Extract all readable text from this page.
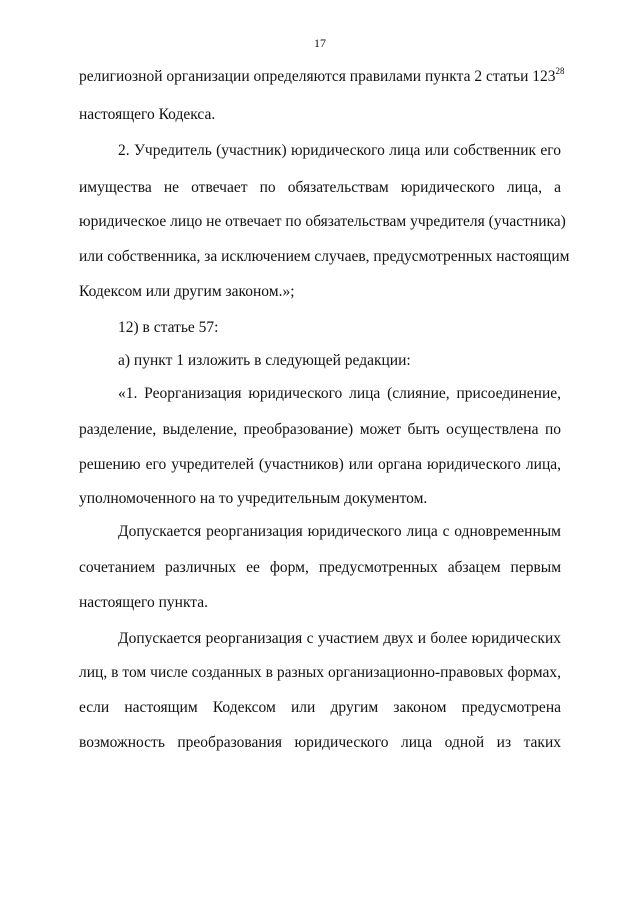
17
религиозной организации определяются правилами пункта 2 статьи $123^{28}$
настоящего Кодекса.
2. Учредитель (участник) юридического лица или собственник его
имущества не отвечает по обязательствам юридического лица, а
юридическое лицо не отвечает по обязательствам учредителя (участника)
или собственника, за исключением случаев, предусмотренных настоящим
Кодексом или другим законом.»;
12) в статье 57:
а) пункт 1 изложить в следующей редакции:
«1. Реорганизация юридического лица (слияние, присоединение,
разделение, выделение, преобразование) может быть осуществлена по
решению его учредителей (участников) или органа юридического лица,
уполномоченного на то учредительным документом.
Допускается реорганизация юридического лица с одновременным
сочетанием различных ее форм, предусмотренных абзацем первым
настоящего пункта.
Допускается реорганизация с участием двух и более юридических
лиц, в том числе созданных в разных организационно-правовых формах,
если настоящим Кодексом или другим законом предусмотрена
возможность преобразования юридического лица одной из таких
